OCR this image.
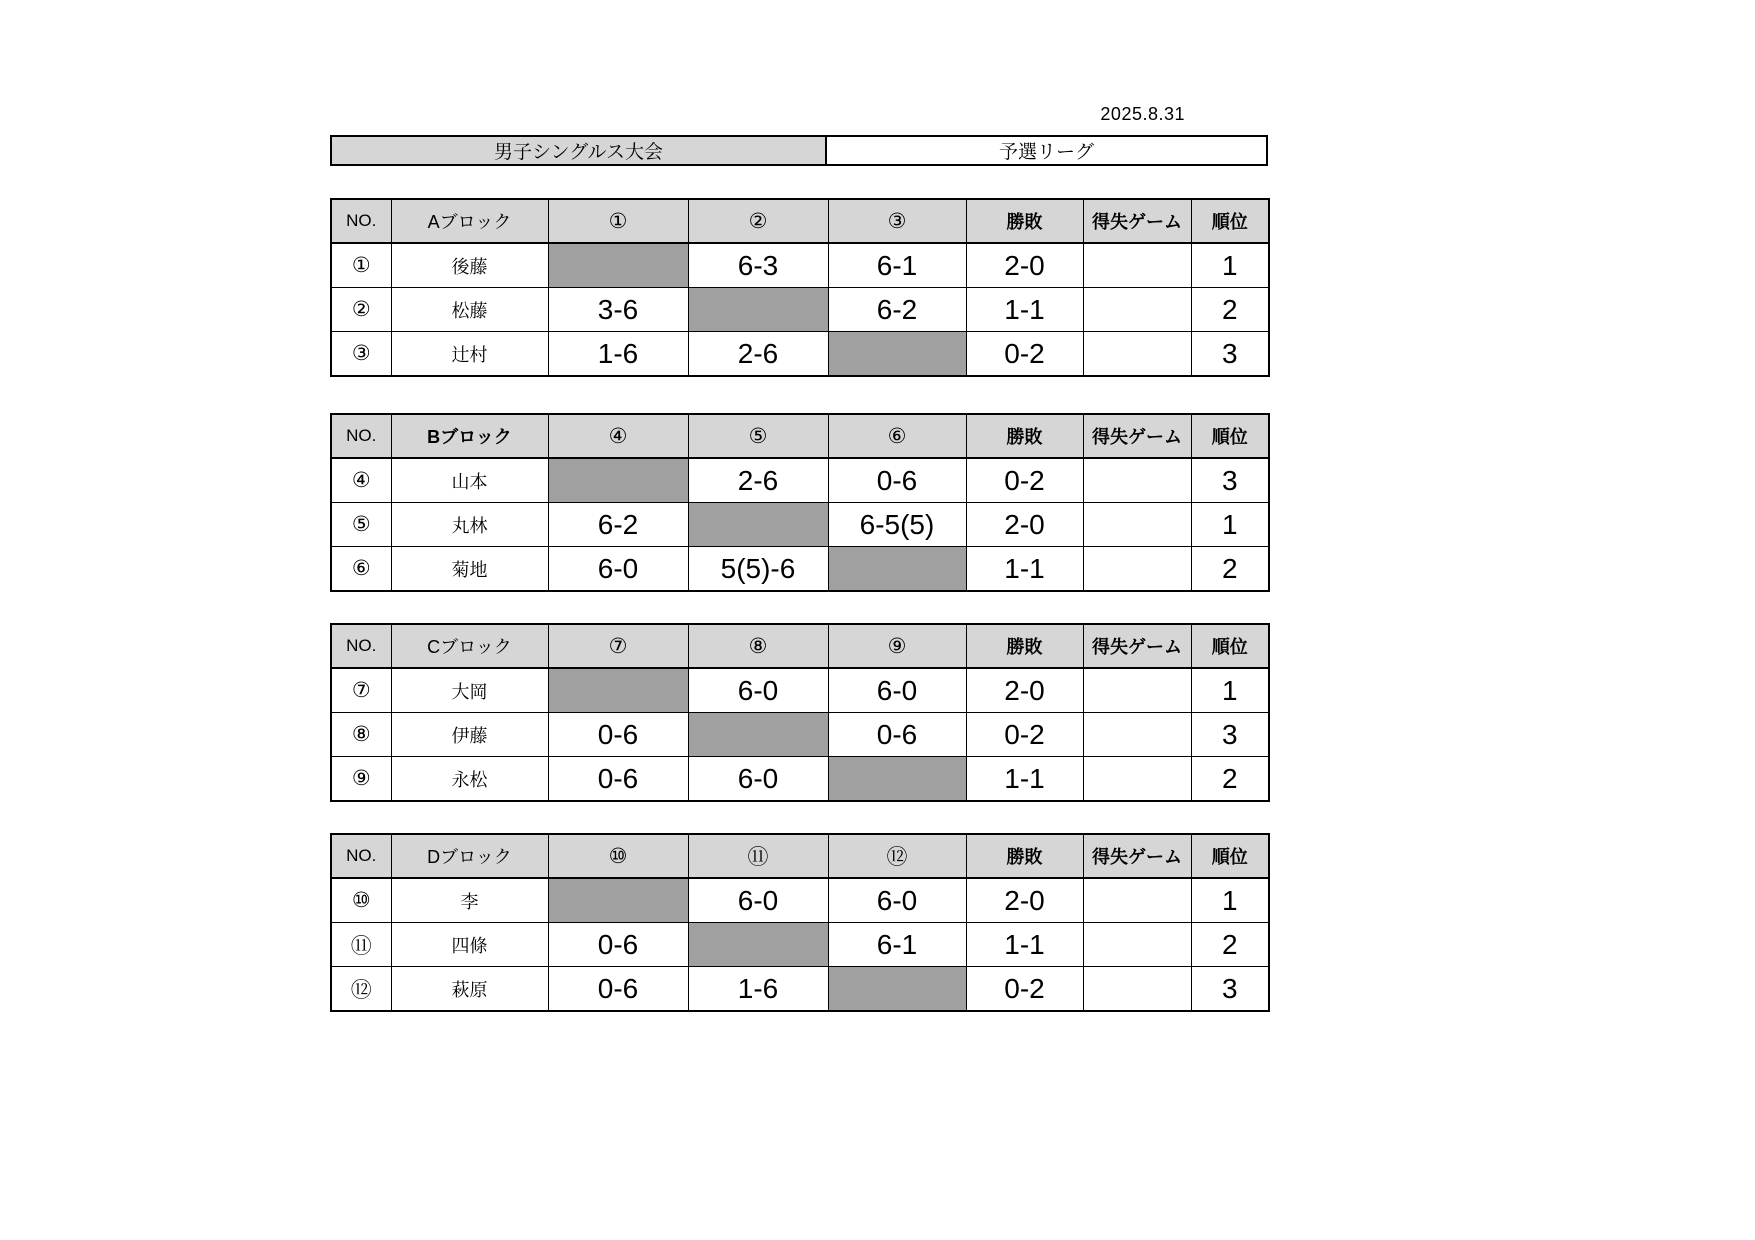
2025.8.31
男子シングルス大会	予選リーグ
NO.	Aブロック	①	②	③	勝敗	得失ゲーム	順位
①	後藤		6-3	6-1	2-0		1
②	松藤	3-6		6-2	1-1		2
③	辻村	1-6	2-6		0-2		3
NO.	Bブロック	④	⑤	⑥	勝敗	得失ゲーム	順位
④	山本		2-6	0-6	0-2		3
⑤	丸林	6-2		6-5(5)	2-0		1
⑥	菊地	6-0	5(5)-6		1-1		2
NO.	Cブロック	⑦	⑧	⑨	勝敗	得失ゲーム	順位
⑦	大岡		6-0	6-0	2-0		1
⑧	伊藤	0-6		0-6	0-2		3
⑨	永松	0-6	6-0		1-1		2
NO.	Dブロック	⑩	⑪	⑫	勝敗	得失ゲーム	順位
⑩	李		6-0	6-0	2-0		1
⑪	四條	0-6		6-1	1-1		2
⑫	萩原	0-6	1-6		0-2		3
